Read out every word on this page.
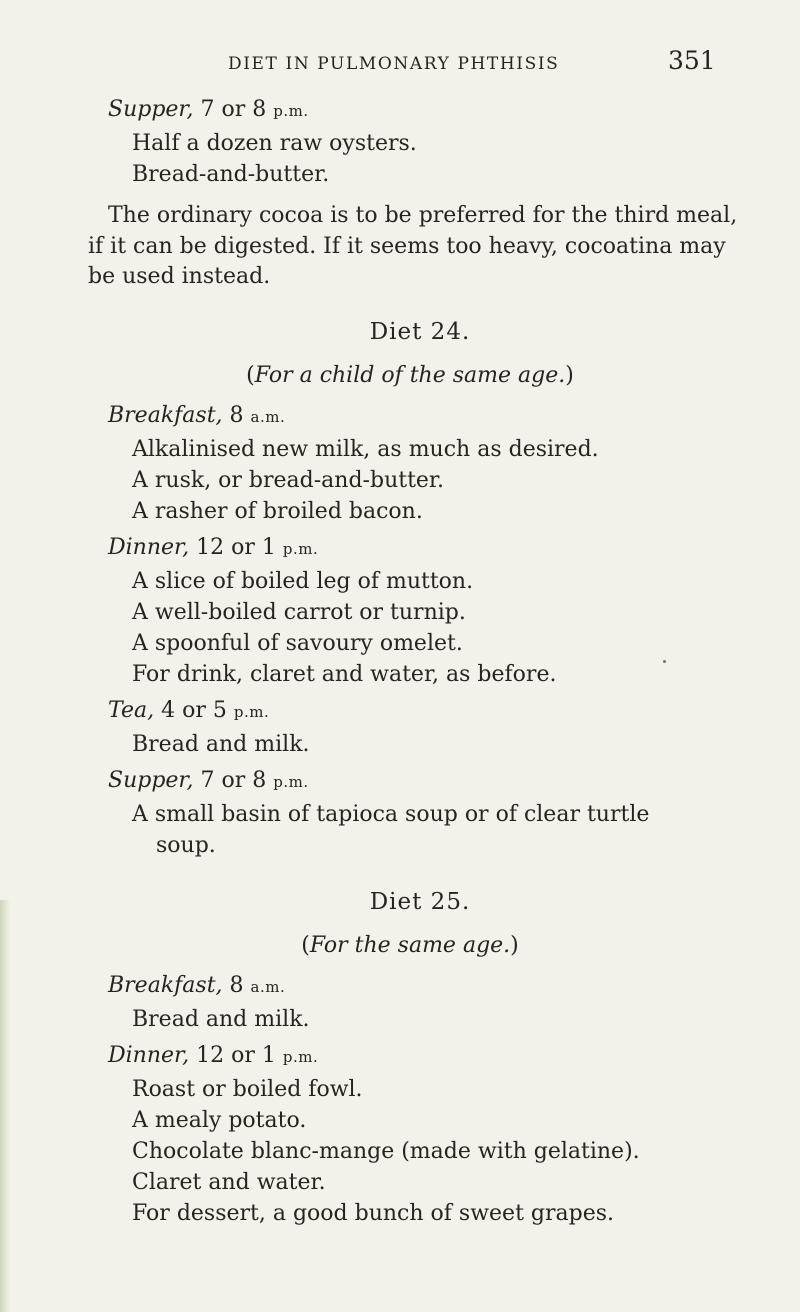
DIET IN PULMONARY PHTHISIS	351
Supper, 7 or 8 p.m.
Half a dozen raw oysters.
Bread-and-butter.
The ordinary cocoa is to be preferred for the third meal,
if it can be digested. If it seems too heavy, cocoatina may
be used instead.
Diet 24.
(For a child of the same age.)
Breakfast, 8 a.m.
Alkalinised new milk, as much as desired.
A rusk, or bread-and-butter.
A rasher of broiled bacon.
Dinner, 12 or 1 p.m.
A slice of boiled leg of mutton.
A well-boiled carrot or turnip.
A spoonful of savoury omelet.
For drink, claret and water, as before.
Tea, 4 or 5 p.m.
Bread and milk.
Supper, 7 or 8 p.m.
A small basin of tapioca soup or of clear turtle
soup.
Diet 25.
(For the same age.)
Breakfast, 8 a.m.
Bread and milk.
Dinner, 12 or 1 p.m.
Roast or boiled fowl.
A mealy potato.
Chocolate blanc-mange (made with gelatine).
Claret and water.
For dessert, a good bunch of sweet grapes.
